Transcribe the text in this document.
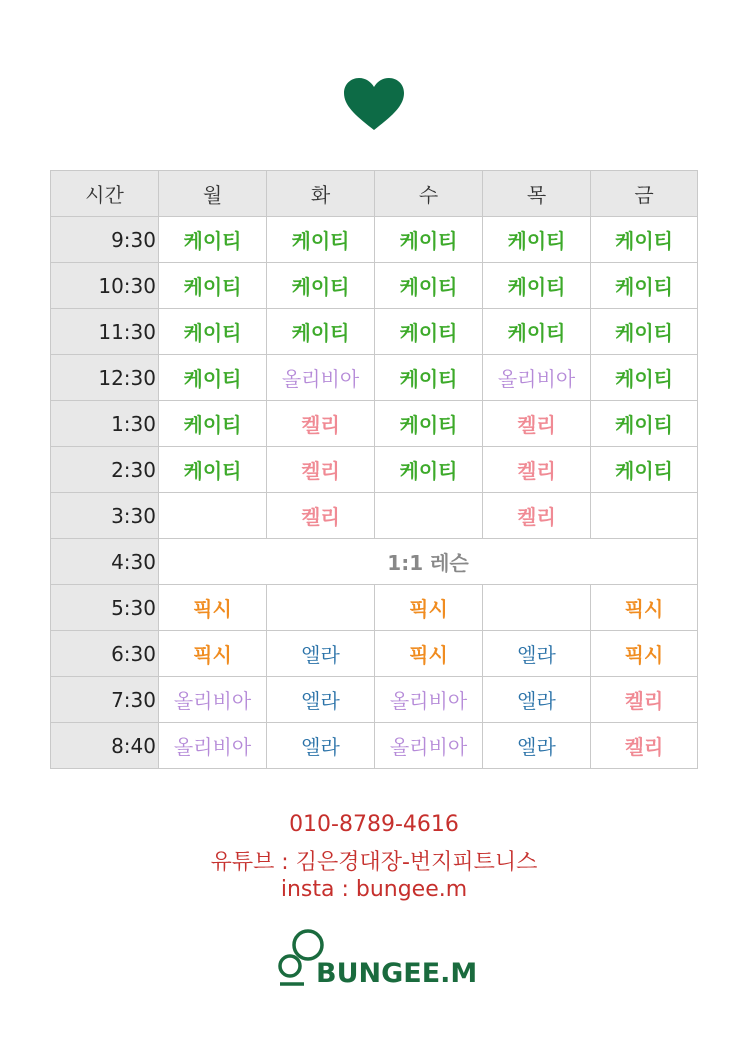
시간	월	화	수	목	금
9:30	케이티	케이티	케이티	케이티	케이티
10:30	케이티	케이티	케이티	케이티	케이티
11:30	케이티	케이티	케이티	케이티	케이티
12:30	케이티	올리비아	케이티	올리비아	케이티
1:30	케이티	켈리	케이티	켈리	케이티
2:30	케이티	켈리	케이티	켈리	케이티
3:30		켈리		켈리	
4:30	1:1 레슨				
5:30	픽시		픽시		픽시
6:30	픽시	엘라	픽시	엘라	픽시
7:30	올리비아	엘라	올리비아	엘라	켈리
8:40	올리비아	엘라	올리비아	엘라	켈리
010-8789-4616
유튜브 : 김은경대장-번지피트니스
insta : bungee.m
BUNGEE.M
